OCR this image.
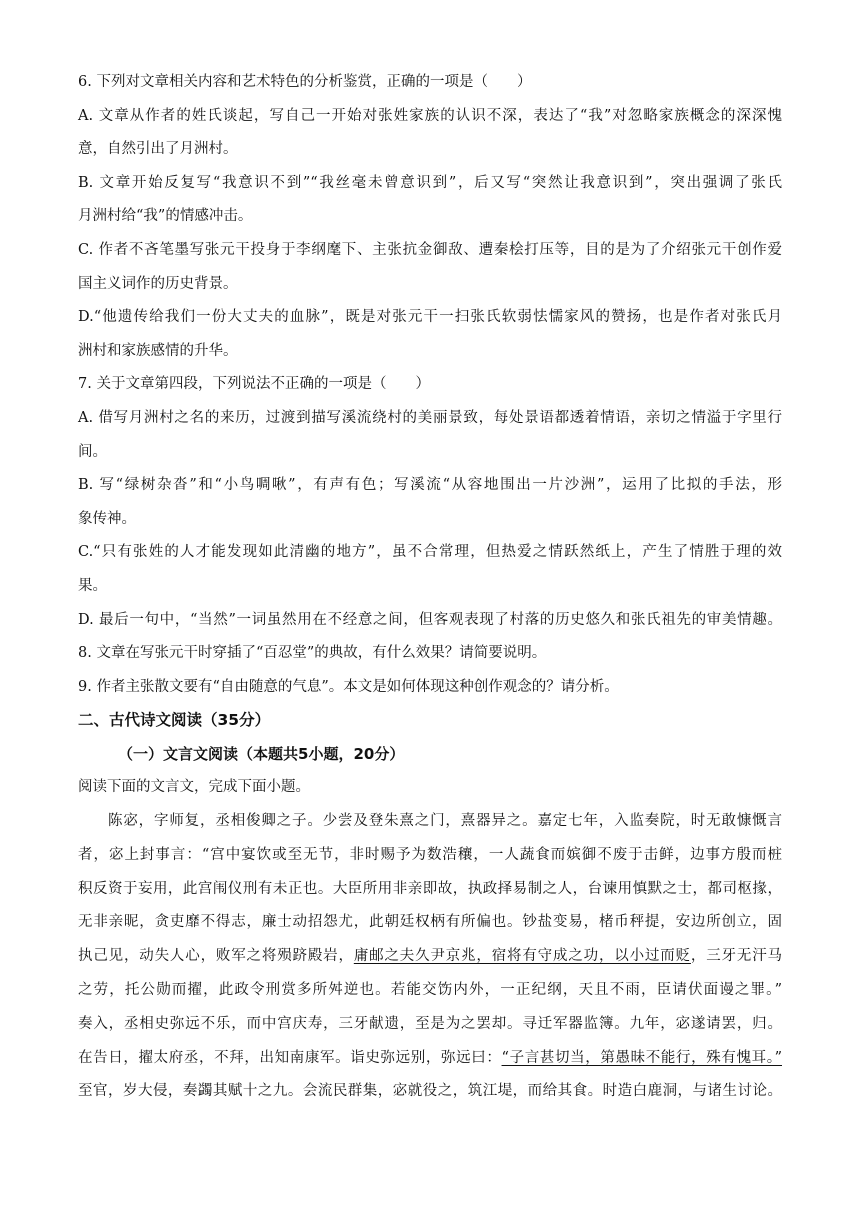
6. 下列对文章相关内容和艺术特色的分析鉴赏，正确的一项是（　　）
A. 文章从作者的姓氏谈起，写自己一开始对张姓家族的认识不深，表达了“我”对忽略家族概念的深深愧
意，自然引出了月洲村。
B. 文章开始反复写“我意识不到”“我丝毫未曾意识到”，后又写“突然让我意识到”，突出强调了张氏
月洲村给“我”的情感冲击。
C. 作者不吝笔墨写张元干投身于李纲麾下、主张抗金御敌、遭秦桧打压等，目的是为了介绍张元干创作爱
国主义词作的历史背景。
D.“他遗传给我们一份大丈夫的血脉”，既是对张元干一扫张氏软弱怯懦家风的赞扬，也是作者对张氏月
洲村和家族感情的升华。
7. 关于文章第四段，下列说法不正确的一项是（　　）
A. 借写月洲村之名的来历，过渡到描写溪流绕村的美丽景致，每处景语都透着情语，亲切之情溢于字里行
间。
B. 写“绿树杂沓”和“小鸟啁啾”，有声有色；写溪流“从容地围出一片沙洲”，运用了比拟的手法，形
象传神。
C.“只有张姓的人才能发现如此清幽的地方”，虽不合常理，但热爱之情跃然纸上，产生了情胜于理的效
果。
D. 最后一句中，“当然”一词虽然用在不经意之间，但客观表现了村落的历史悠久和张氏祖先的审美情趣。
8. 文章在写张元干时穿插了“百忍堂”的典故，有什么效果？请简要说明。
9. 作者主张散文要有“自由随意的气息”。本文是如何体现这种创作观念的？请分析。
二、古代诗文阅读（35分）
（一）文言文阅读（本题共5小题，20分）
阅读下面的文言文，完成下面小题。
陈宓，字师复，丞相俊卿之子。少尝及登朱熹之门，熹器异之。嘉定七年，入监奏院，时无敢慷慨言
者，宓上封事言：“宫中宴饮或至无节，非时赐予为数浩穰，一人蔬食而嫔御不废于击鲜，边事方殷而桩
积反资于妄用，此宫闱仪刑有未正也。大臣所用非亲即故，执政择易制之人，台谏用慎默之士，都司枢掾，
无非亲昵，贪吏靡不得志，廉士动招怨尤，此朝廷权柄有所偏也。钞盐变易，楮币秤提，安边所创立，固
执己见，动失人心，败军之将殒跻殿岩，庸邮之夫久尹京兆，宿将有守成之功，以小过而贬，三牙无汗马
之劳，托公勋而擢，此政令刑赏多所舛逆也。若能交饬内外，一正纪纲，天且不雨，臣请伏面谩之罪。”
奏入，丞相史弥远不乐，而中宫庆寿，三牙献遗，至是为之罢却。寻迁军器监簿。九年，宓遂请罢，归。
在告日，擢太府丞，不拜，出知南康军。诣史弥远别，弥远曰：“子言甚切当，第愚昧不能行，殊有愧耳。”
至官，岁大侵，奏蠲其赋十之九。会流民群集，宓就役之，筑江堤，而给其食。时造白鹿洞，与诸生讨论。
